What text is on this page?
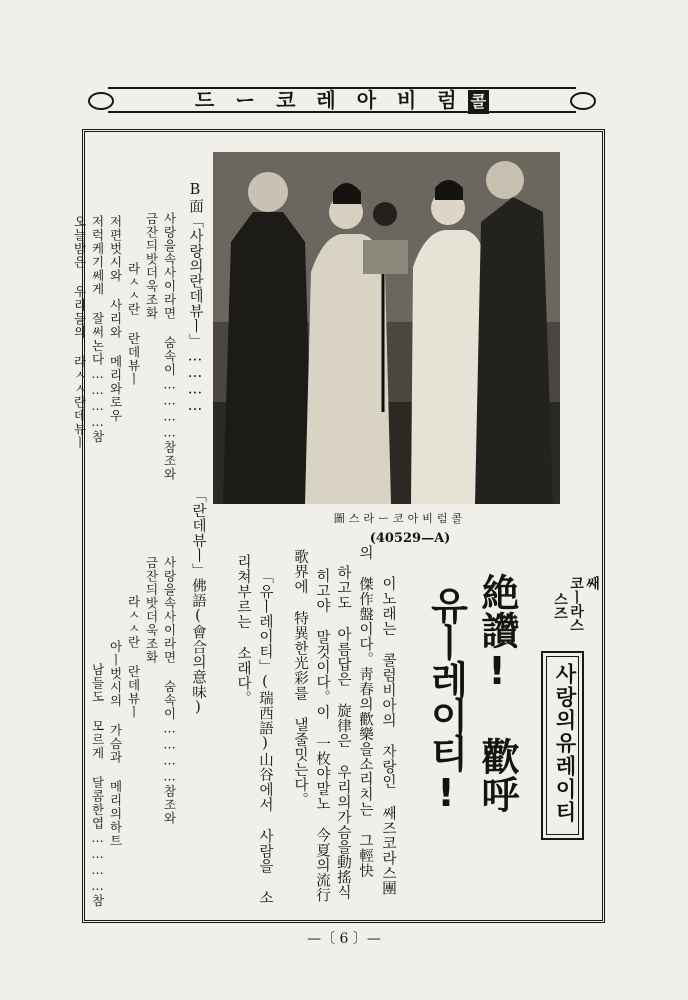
드 ー 코 레 아 비 럼 콜
圖스라ー코아비럼콜
(40529—A)
사랑의유레이티
쌔
코ㅣ라스
스즈
絶讚! 歡呼
유ㅣ레이티!
이노래는 콜럼비아의 자랑인 쌔즈코라스團
의 傑作盤이다。靑春의歡樂을소리치는 그輕快
하고도 아름답은 旋律은 우리의가슴을動搖식
히고야 말것이다。이 一枚야말노 今夏의流行
歌界에 特異한光彩를 낼줄밋는다。
「유ㅣ레이티」(瑞西語)山谷에서 사람을 소
리쳐부르는 소래다。
B面「사랑의란데뷰ㅣ」…………
사랑을속사이라면 숨속이…………참조와
금잔듸밧더욱조화
라ㅅㅅ란 란데뷰ㅣ
저편벗시와 사리와 메리와로우
저럭케기쎄게 잘써논다…………참
오늘밤은 우리들의 라ㅅㅅ란데뷰ㅣ
「란데뷰ㅣ」佛語(會合의意味)
사랑을속사이라면 숨속이…………참조와
금잔듸밧더욱조화
라ㅅㅅ란 란데뷰ㅣ
아ㅣ벗시의 가슴과 메리의하트
남들도 모르게 달콤한엽…………참
—〔 6 〕—
